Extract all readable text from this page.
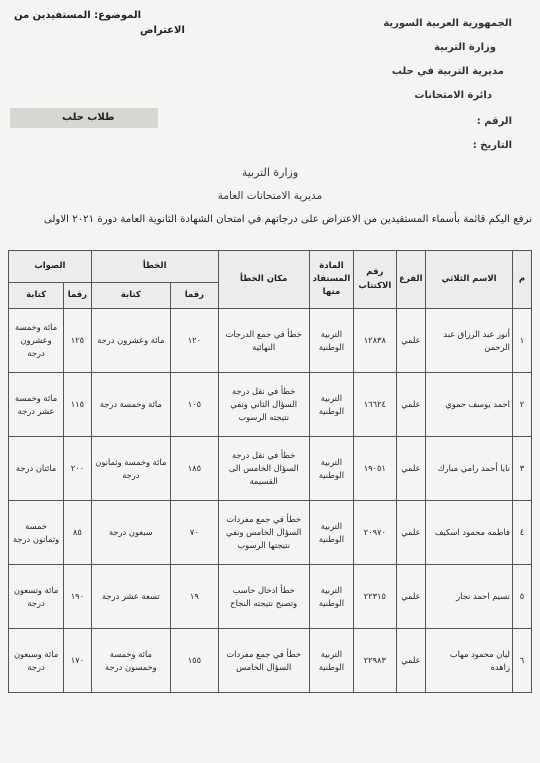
الجمهورية العربية السورية
وزارة التربية
مديرية التربية في حلب
دائرة الامتحانات
الرقم :
التاريخ :
الموضوع: المستفيدين من
الاعتراض
طلاب حلب
وزارة التربية
مديرية الامتحانات العامة
نرفع اليكم قائمة بأسماء المستفيدين من الاعتراض على درجاتهم في امتحان الشهادة الثانوية العامة دورة ٢٠٢١ الاولى
م	الاسم الثلاثي	الفرع	رقم الاكتتاب	المادة المستفاد منها	مكان الخطأ	الخطأ		الصواب	
						رقما	كتابة	رقما	كتابة
١	أنور عبد الرزاق عبد الرحمن	علمي	١٢٨٣٨	التربية الوطنية	خطأ في جمع الدرجات النهائية	١٢٠	مائة وعشرون درجة	١٢٥	مائة وخمسة وعشرون درجة
٢	احمد يوسف حموي	علمي	١٦٦٢٤	التربية الوطنية	خطأ في نقل درجة السؤال الثاني ونفي نتيجته الرسوب	١٠٥	مائة وخمسة درجة	١١٥	مائة وخمسة عشر درجة
٣	نايا أحمد رامي مبارك	علمي	١٩٠٥١	التربية الوطنية	خطأ في نقل درجة السؤال الخامس الى القسيمة	١٨٥	مائة وخمسة وثمانون درجة	٢٠٠	مائتان درجة
٤	فاطمه محمود اسكيف	علمي	٢٠٩٧٠	التربية الوطنية	خطأ في جمع مفردات السؤال الخامس ونفي نتيجتها الرسوب	٧٠	سبعون درجة	٨٥	خمسة وثمانون درجة
٥	نسيم احمد نجار	علمي	٢٢٣١٥	التربية الوطنية	خطأ ادخال حاسب وتصبح نتيجته النجاح	١٩	تسعة عشر درجة	١٩٠	مائة وتسعون درجة
٦	ليان محمود مهاب زاهده	علمي	٢٢٩٨٣	التربية الوطنية	خطأ في جمع مفردات السؤال الخامس	١٥٥	مائة وخمسة وخمسون درجة	١٧٠	مائة وسبعون درجة
